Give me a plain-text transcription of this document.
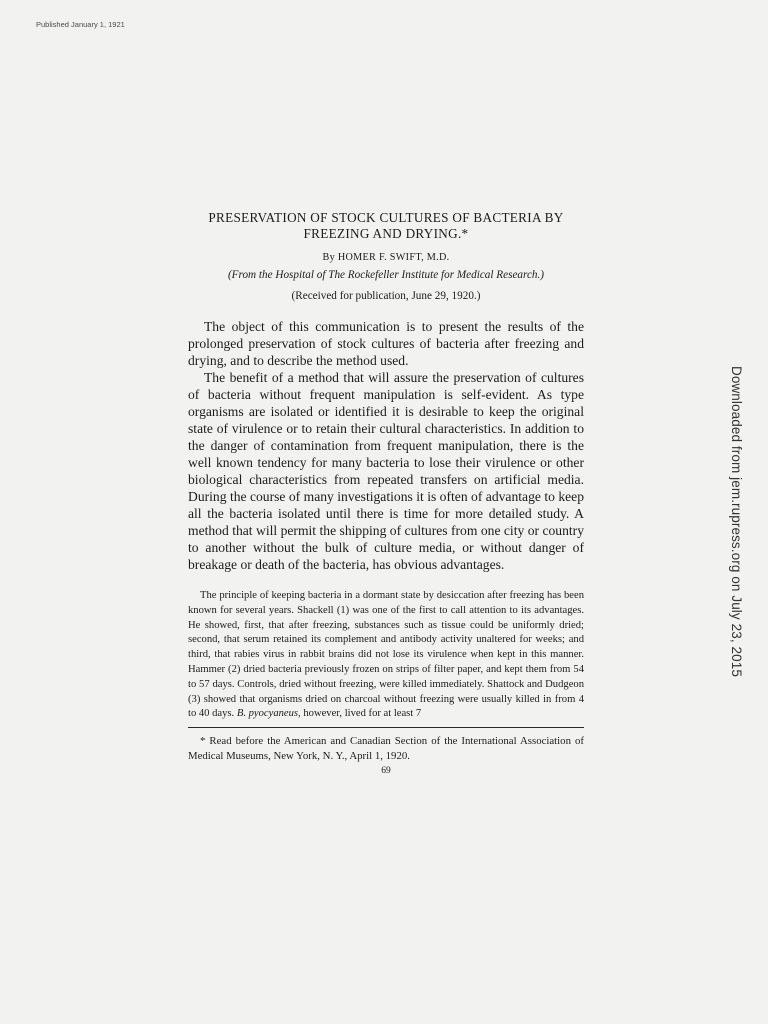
Published January 1, 1921
Downloaded from jem.rupress.org on July 23, 2015
PRESERVATION OF STOCK CULTURES OF BACTERIA BY FREEZING AND DRYING.*
By HOMER F. SWIFT, M.D.
(From the Hospital of The Rockefeller Institute for Medical Research.)
(Received for publication, June 29, 1920.)

The object of this communication is to present the results of the prolonged preservation of stock cultures of bacteria after freezing and drying, and to describe the method used.

The benefit of a method that will assure the preservation of cultures of bacteria without frequent manipulation is self-evident. As type organisms are isolated or identified it is desirable to keep the original state of virulence or to retain their cultural characteristics. In addition to the danger of contamination from frequent manipulation, there is the well known tendency for many bacteria to lose their virulence or other biological characteristics from repeated transfers on artificial media. During the course of many investigations it is often of advantage to keep all the bacteria isolated until there is time for more detailed study. A method that will permit the shipping of cultures from one city or country to another without the bulk of culture media, or without danger of breakage or death of the bacteria, has obvious advantages.

The principle of keeping bacteria in a dormant state by desiccation after freezing has been known for several years. Shackell (1) was one of the first to call attention to its advantages. He showed, first, that after freezing, substances such as tissue could be uniformly dried; second, that serum retained its complement and antibody activity unaltered for weeks; and third, that rabies virus in rabbit brains did not lose its virulence when kept in this manner. Hammer (2) dried bacteria previously frozen on strips of filter paper, and kept them from 54 to 57 days. Controls, dried without freezing, were killed immediately. Shattock and Dudgeon (3) showed that organisms dried on charcoal without freezing were usually killed in from 4 to 40 days. B. pyocyaneus, however, lived for at least 7

* Read before the American and Canadian Section of the International Association of Medical Museums, New York, N. Y., April 1, 1920.

69
